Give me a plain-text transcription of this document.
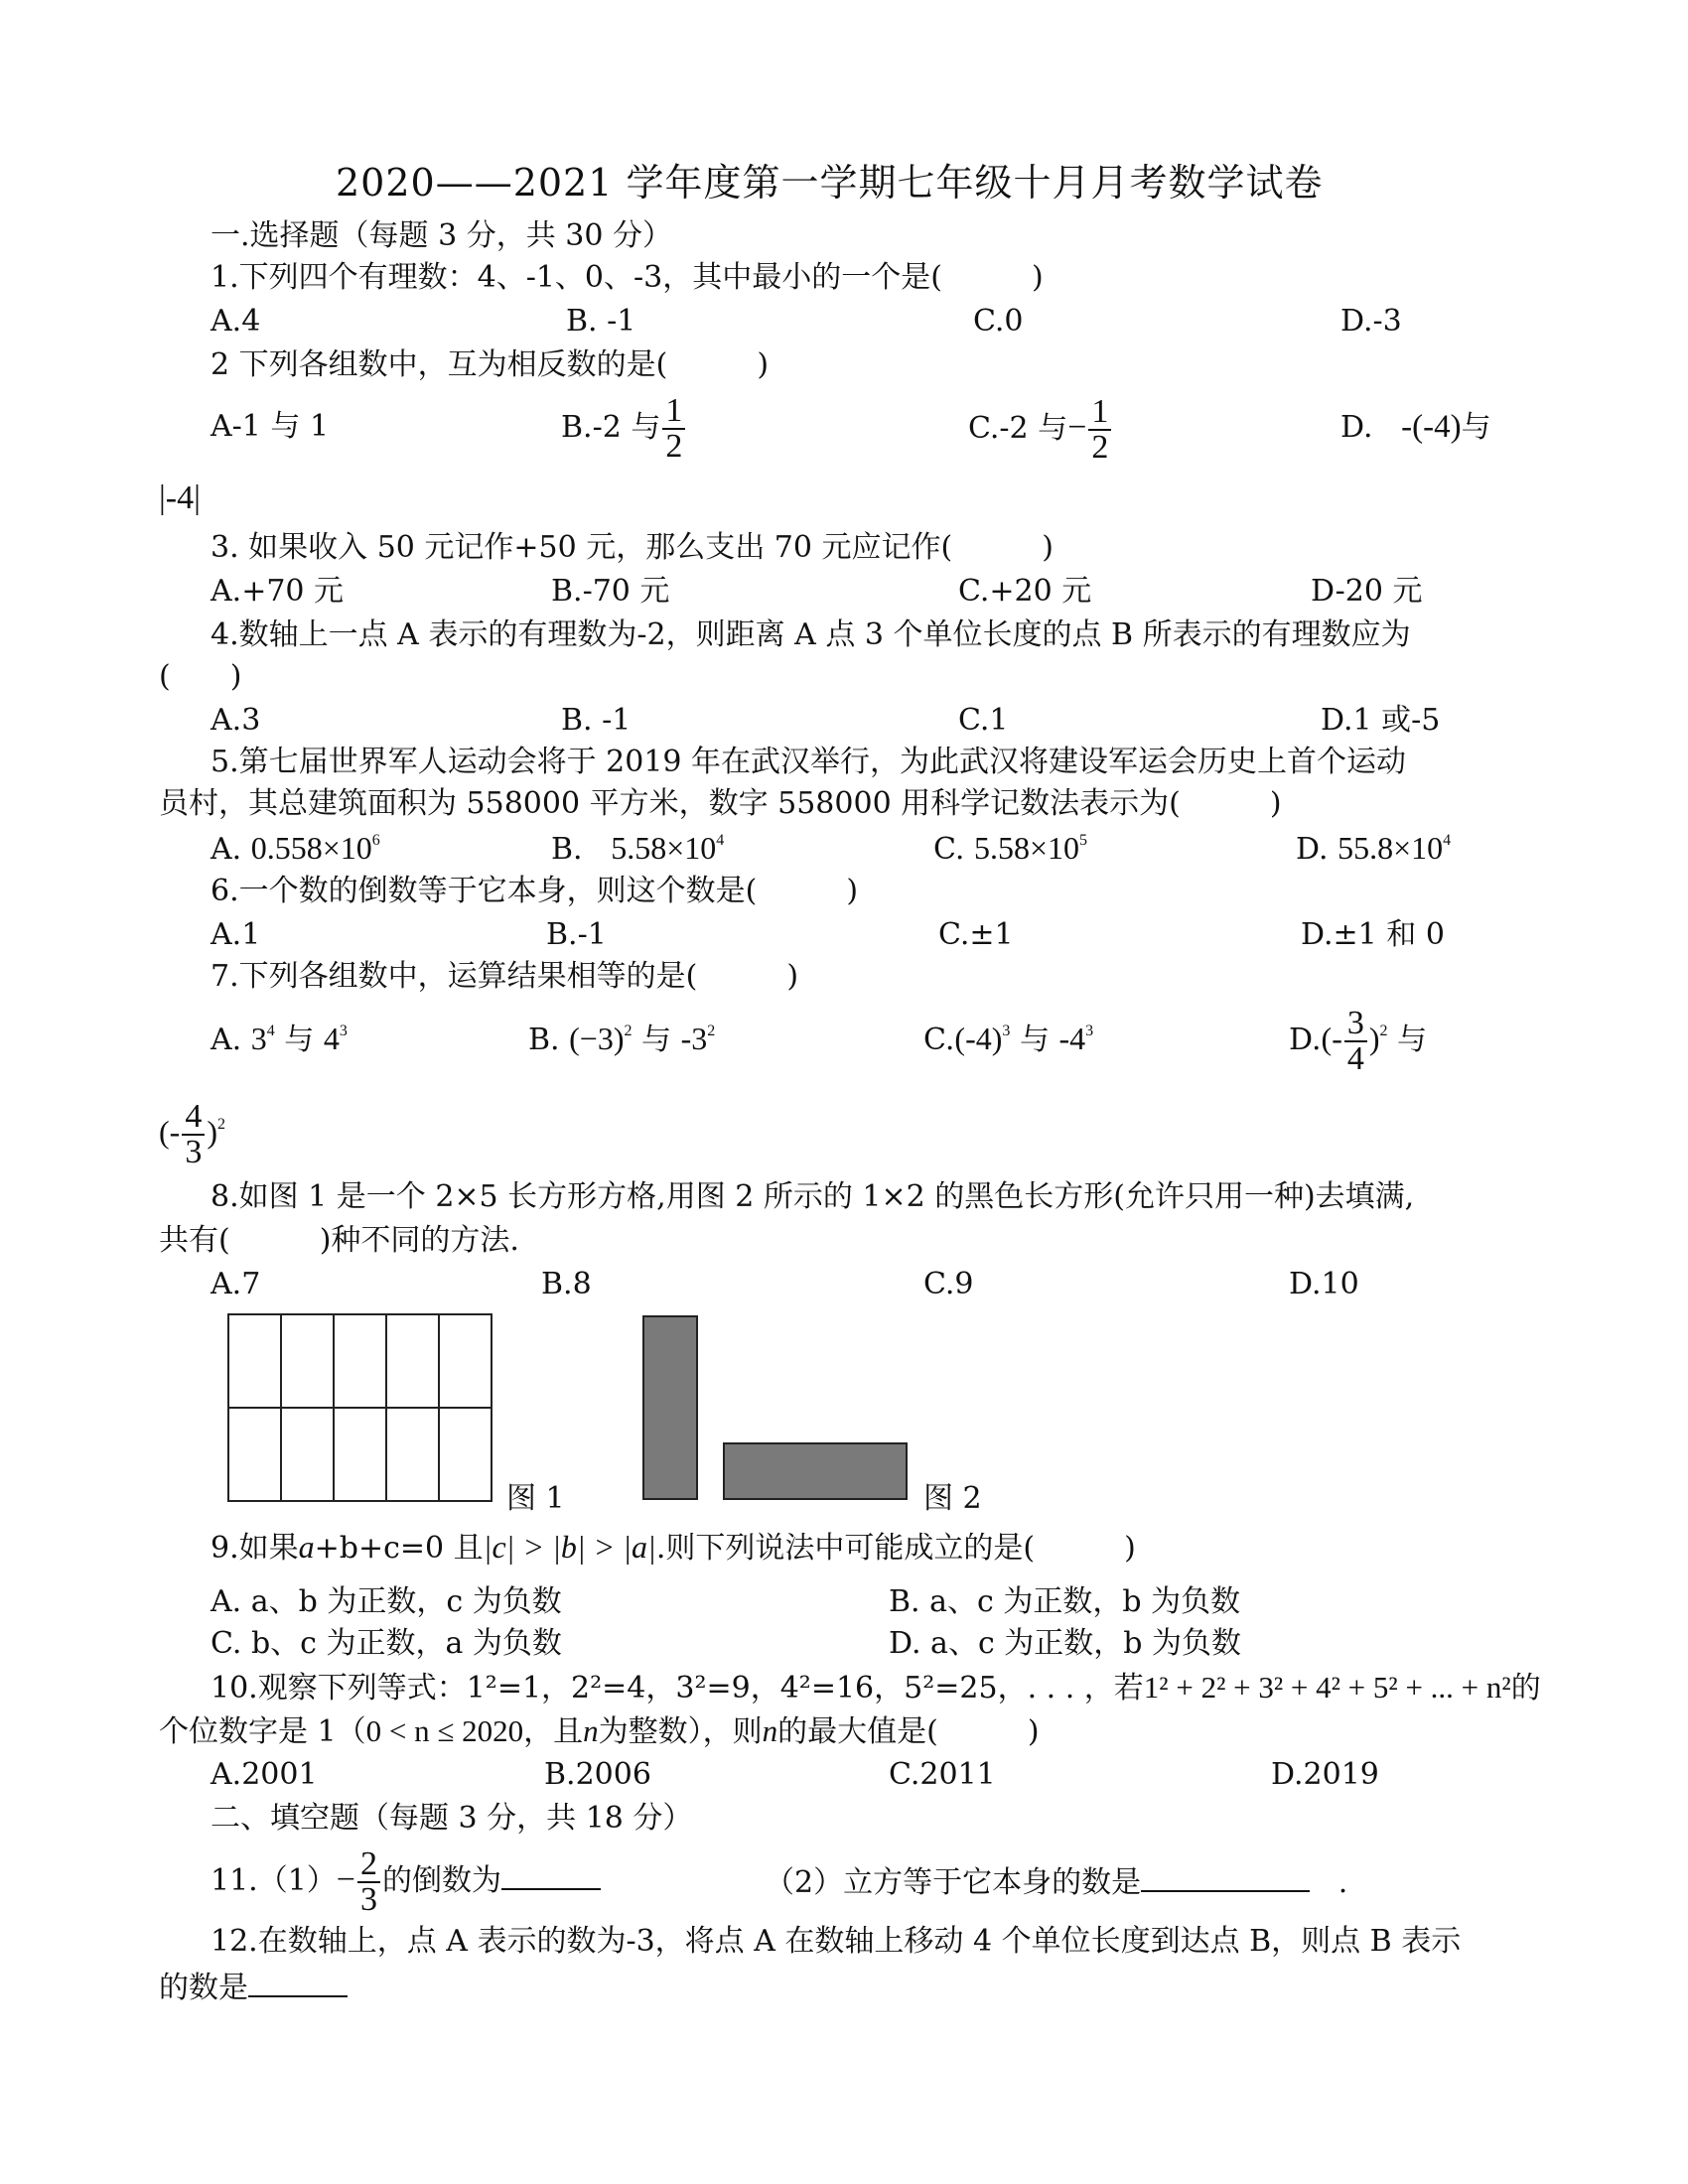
2020——2021 学年度第一学期七年级十月月考数学试卷
一.选择题（每题 3 分，共 30 分）
1.下列四个有理数：4、-1、0、-3，其中最小的一个是(　　　)
A.4	B. -1	C.0	D.-3
2 下列各组数中，互为相反数的是(　　　)
A-1 与 1	B.-2 与 $\frac{1}{2}$	C.-2 与− $\frac{1}{2}$	D. -(-4)与
|-4|
3. 如果收入 50 元记作+50 元，那么支出 70 元应记作(　　　)
A.+70 元	B.-70 元	C.+20 元	D-20 元
4.数轴上一点 A 表示的有理数为-2，则距离 A 点 3 个单位长度的点 B 所表示的有理数应为
(　　)
A.3	B. -1	C.1	D.1 或-5
5.第七届世界军人运动会将于 2019 年在武汉举行，为此武汉将建设军运会历史上首个运动
员村，其总建筑面积为 558000 平方米，数字 558000 用科学记数法表示为(　　　)
A. $0.558\times 10^6$	B. $5.58\times 10^4$	C. $5.58\times 10^5$	D. $55.8\times 10^4$
6.一个数的倒数等于它本身，则这个数是(　　　)
A.1	B.-1	C.±1	D.±1 和 0
7.下列各组数中，运算结果相等的是(　　　)
A. $3^4$ 与 $4^3$	B. $(-3)^2$ 与 $-3^2$	$C.(-4)^3$ 与 $-4^3$	$D.(- \frac{3}{4} )^2$ 与
(- $\frac{4}{3} )^2$
8.如图 1 是一个 2×5 长方形方格,用图 2 所示的 1×2 的黑色长方形(允许只用一种)去填满,
共有(　　　)种不同的方法.
A.7	B.8	C.9	D.10
图 1	图 2
9.如果a+b+c=0 且|c| > |b| > |a|.则下列说法中可能成立的是(　　　)
A. a、b 为正数，c 为负数	B. a、c 为正数，b 为负数
C. b、c 为正数，a 为负数	D. a、c 为正数，b 为负数
10.观察下列等式：1²=1，2²=4，3²=9，4²=16，5²=25，. . . ，若1² + 2² + 3² + 4² + 5² + ... + n²的
个位数字是 1（0 < n ≤ 2020，且n为整数），则n的最大值是(　　　)
A.2001	B.2006	C.2011	D.2019
二、填空题（每题 3 分，共 18 分）
$11.(1)- \frac{2}{3}$ 的倒数为	（2）立方等于它本身的数是	.
12.在数轴上，点 A 表示的数为-3，将点 A 在数轴上移动 4 个单位长度到达点 B，则点 B 表示
的数是
